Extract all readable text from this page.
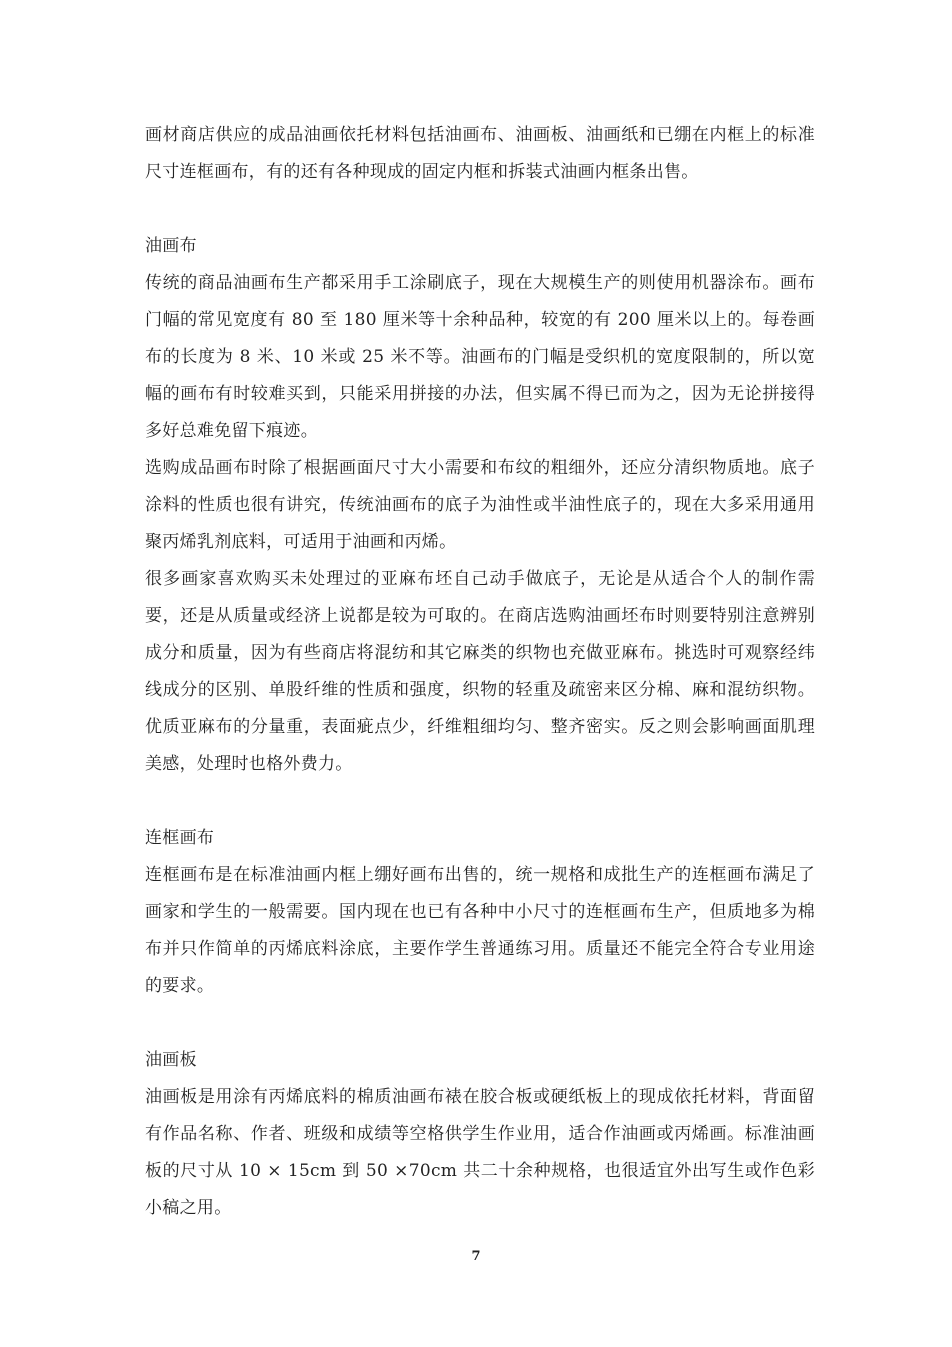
画材商店供应的成品油画依托材料包括油画布、油画板、油画纸和已绷在内框上的标准尺寸连框画布，有的还有各种现成的固定内框和拆装式油画内框条出售。

油画布

传统的商品油画布生产都采用手工涂刷底子，现在大规模生产的则使用机器涂布。画布门幅的常见宽度有 80 至 180 厘米等十余种品种，较宽的有 200 厘米以上的。每卷画布的长度为 8 米、10 米或 25 米不等。油画布的门幅是受织机的宽度限制的，所以宽幅的画布有时较难买到，只能采用拼接的办法，但实属不得已而为之，因为无论拼接得多好总难免留下痕迹。

选购成品画布时除了根据画面尺寸大小需要和布纹的粗细外，还应分清织物质地。底子涂料的性质也很有讲究，传统油画布的底子为油性或半油性底子的，现在大多采用通用聚丙烯乳剂底料，可适用于油画和丙烯。

很多画家喜欢购买未处理过的亚麻布坯自己动手做底子，无论是从适合个人的制作需要，还是从质量或经济上说都是较为可取的。在商店选购油画坯布时则要特别注意辨别成分和质量，因为有些商店将混纺和其它麻类的织物也充做亚麻布。挑选时可观察经纬线成分的区别、单股纤维的性质和强度，织物的轻重及疏密来区分棉、麻和混纺织物。优质亚麻布的分量重，表面疵点少，纤维粗细均匀、整齐密实。反之则会影响画面肌理美感，处理时也格外费力。

连框画布

连框画布是在标准油画内框上绷好画布出售的，统一规格和成批生产的连框画布满足了画家和学生的一般需要。国内现在也已有各种中小尺寸的连框画布生产，但质地多为棉布并只作简单的丙烯底料涂底，主要作学生普通练习用。质量还不能完全符合专业用途的要求。

油画板

油画板是用涂有丙烯底料的棉质油画布裱在胶合板或硬纸板上的现成依托材料，背面留有作品名称、作者、班级和成绩等空格供学生作业用，适合作油画或丙烯画。标准油画板的尺寸从 10 × 15cm 到 50 ×70cm 共二十余种规格，也很适宜外出写生或作色彩小稿之用。

7
